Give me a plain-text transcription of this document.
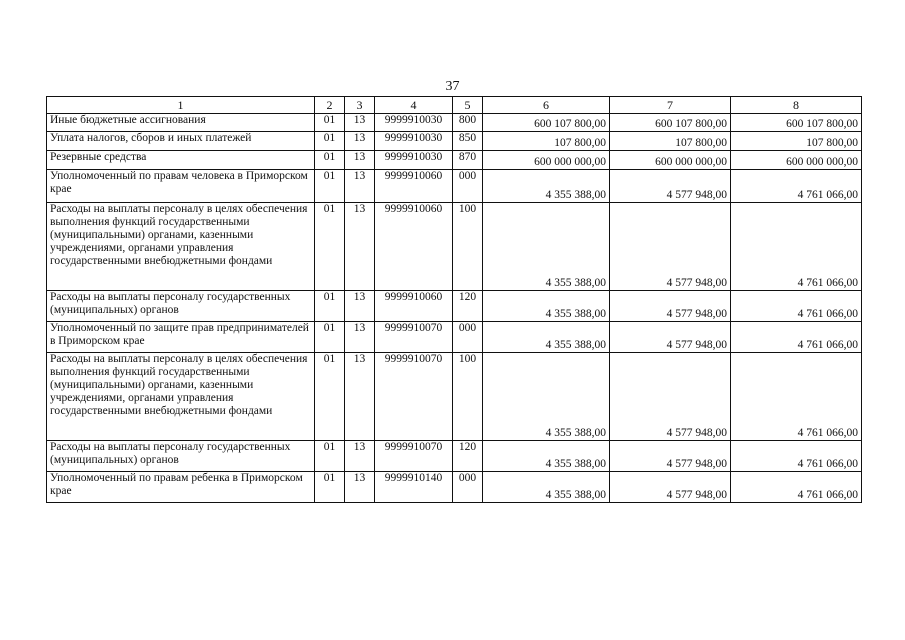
37
1	2	3	4	5	6	7	8
Иные бюджетные ассигнования	01	13	9999910030	800	600 107 800,00	600 107 800,00	600 107 800,00
Уплата налогов, сборов и иных платежей	01	13	9999910030	850	107 800,00	107 800,00	107 800,00
Резервные средства	01	13	9999910030	870	600 000 000,00	600 000 000,00	600 000 000,00
Уполномоченный по правам человека в Приморском крае	01	13	9999910060	000	4 355 388,00	4 577 948,00	4 761 066,00
Расходы на выплаты персоналу в целях обеспечения выполнения функций государственными (муниципальными) органами, казенными учреждениями, органами управления государственными внебюджетными фондами	01	13	9999910060	100	4 355 388,00	4 577 948,00	4 761 066,00
Расходы на выплаты персоналу государственных (муниципальных) органов	01	13	9999910060	120	4 355 388,00	4 577 948,00	4 761 066,00
Уполномоченный по защите прав предпринимателей в Приморском крае	01	13	9999910070	000	4 355 388,00	4 577 948,00	4 761 066,00
Расходы на выплаты персоналу в целях обеспечения выполнения функций государственными (муниципальными) органами, казенными учреждениями, органами управления государственными внебюджетными фондами	01	13	9999910070	100	4 355 388,00	4 577 948,00	4 761 066,00
Расходы на выплаты персоналу государственных (муниципальных) органов	01	13	9999910070	120	4 355 388,00	4 577 948,00	4 761 066,00
Уполномоченный по правам ребенка в Приморском крае	01	13	9999910140	000	4 355 388,00	4 577 948,00	4 761 066,00
